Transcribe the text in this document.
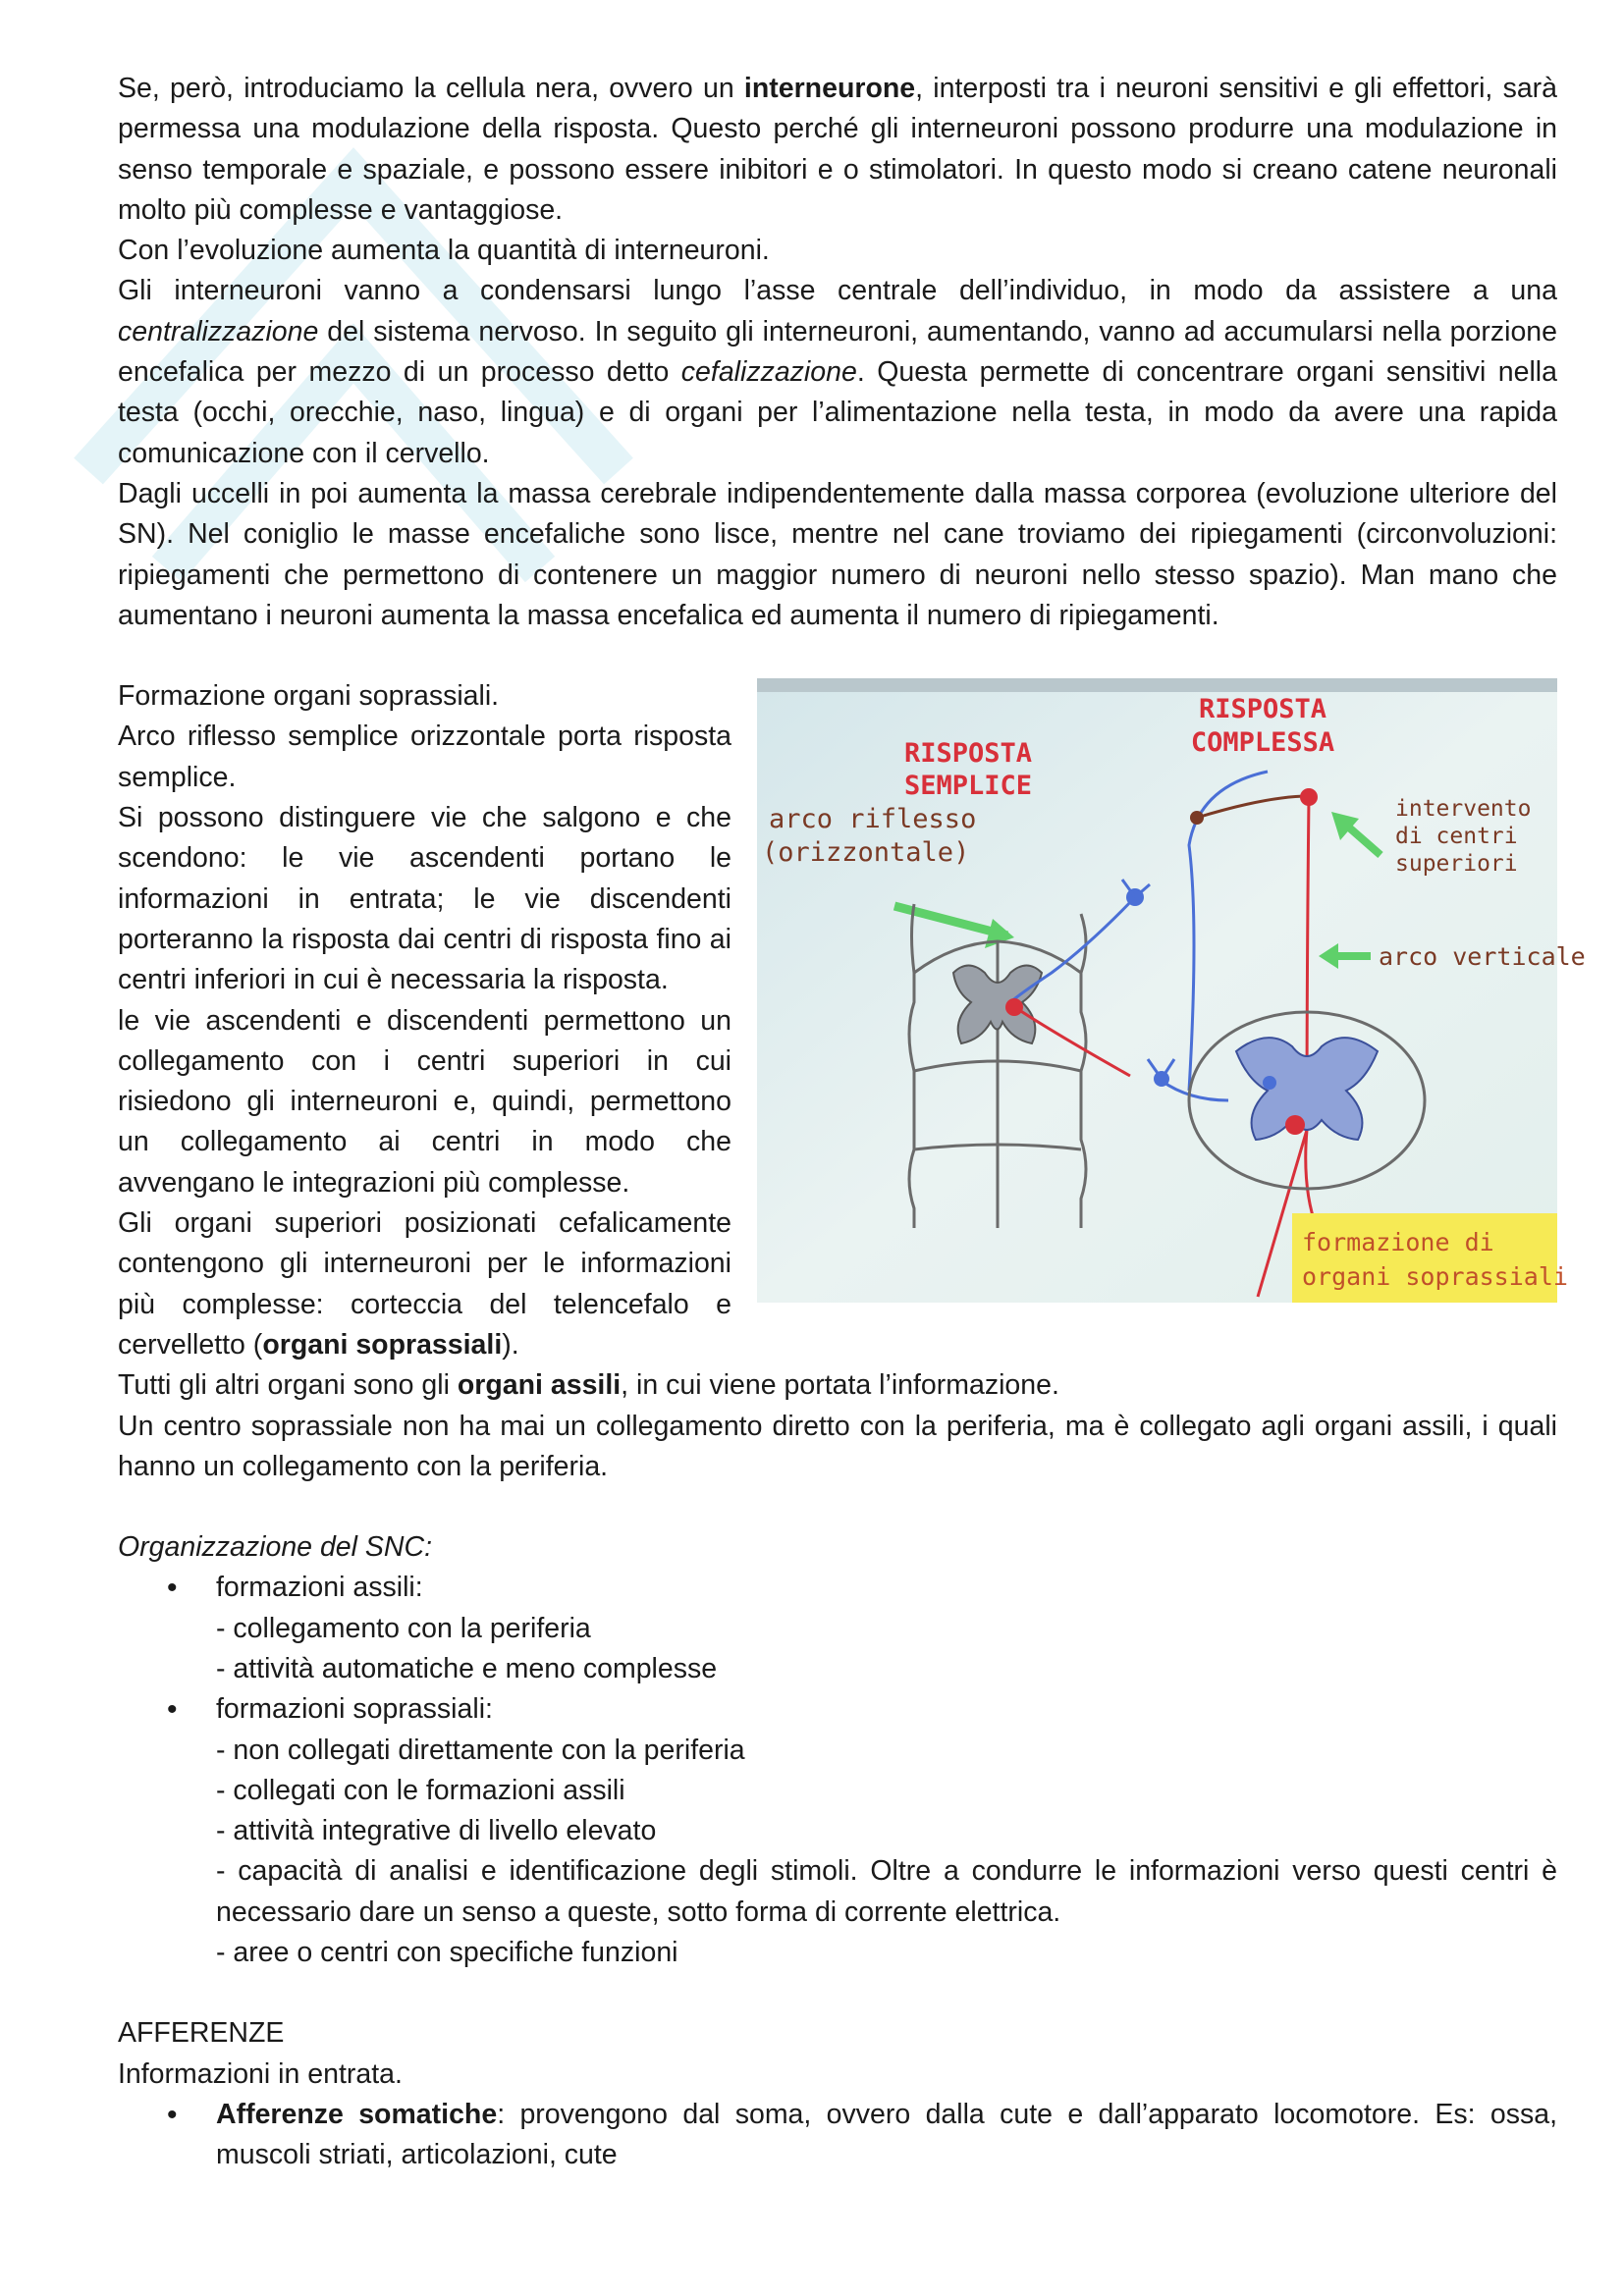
Se, però, introduciamo la cellula nera, ovvero un interneurone, interposti tra i neuroni sensitivi e gli effettori, sarà permessa una modulazione della risposta. Questo perché gli interneuroni possono produrre una modulazione in senso temporale e spaziale, e possono essere inibitori e o stimolatori. In questo modo si creano catene neuronali molto più complesse e vantaggiose.

Con l’evoluzione aumenta la quantità di interneuroni.

Gli interneuroni vanno a condensarsi lungo l’asse centrale dell’individuo, in modo da assistere a una centralizzazione del sistema nervoso. In seguito gli interneuroni, aumentando, vanno ad accumularsi nella porzione encefalica per mezzo di un processo detto cefalizzazione. Questa permette di concentrare organi sensitivi nella testa (occhi, orecchie, naso, lingua) e di organi per l’alimentazione nella testa, in modo da avere una rapida comunicazione con il cervello.

Dagli uccelli in poi aumenta la massa cerebrale indipendentemente dalla massa corporea (evoluzione ulteriore del SN). Nel coniglio le masse encefaliche sono lisce, mentre nel cane troviamo dei ripiegamenti (circonvoluzioni: ripiegamenti che permettono di contenere un maggior numero di neuroni nello stesso spazio). Man mano che aumentano i neuroni aumenta la massa encefalica ed aumenta il numero di ripiegamenti.

RISPOSTA
SEMPLICE
RISPOSTA
COMPLESSA
arco riflesso
(orizzontale)
intervento
di centri
superiori
arco verticale
formazione di
organi soprassiali

Formazione organi soprassiali.

Arco riflesso semplice orizzontale porta risposta semplice.

Si possono distinguere vie che salgono e che scendono: le vie ascendenti portano le informazioni in entrata; le vie discendenti porteranno la risposta dai centri di risposta fino ai centri inferiori in cui è necessaria la risposta.

le vie ascendenti e discendenti permettono un collegamento con i centri superiori in cui risiedono gli interneuroni e, quindi, permettono un collegamento ai centri in modo che avvengano le integrazioni più complesse.

Gli organi superiori posizionati cefalicamente contengono gli interneuroni per le informazioni più complesse: corteccia del telencefalo e cervelletto (organi soprassiali).

Tutti gli altri organi sono gli organi assili, in cui viene portata l’informazione.

Un centro soprassiale non ha mai un collegamento diretto con la periferia, ma è collegato agli organi assili, i quali hanno un collegamento con la periferia.

Organizzazione del SNC:

• formazioni assili:
- collegamento con la periferia
- attività automatiche e meno complesse
• formazioni soprassiali:
- non collegati direttamente con la periferia
- collegati con le formazioni assili
- attività integrative di livello elevato
- capacità di analisi e identificazione degli stimoli. Oltre a condurre le informazioni verso questi centri è necessario dare un senso a queste, sotto forma di corrente elettrica.
- aree o centri con specifiche funzioni

AFFERENZE

Informazioni in entrata.

• Afferenze somatiche: provengono dal soma, ovvero dalla cute e dall’apparato locomotore. Es: ossa, muscoli striati, articolazioni, cute
